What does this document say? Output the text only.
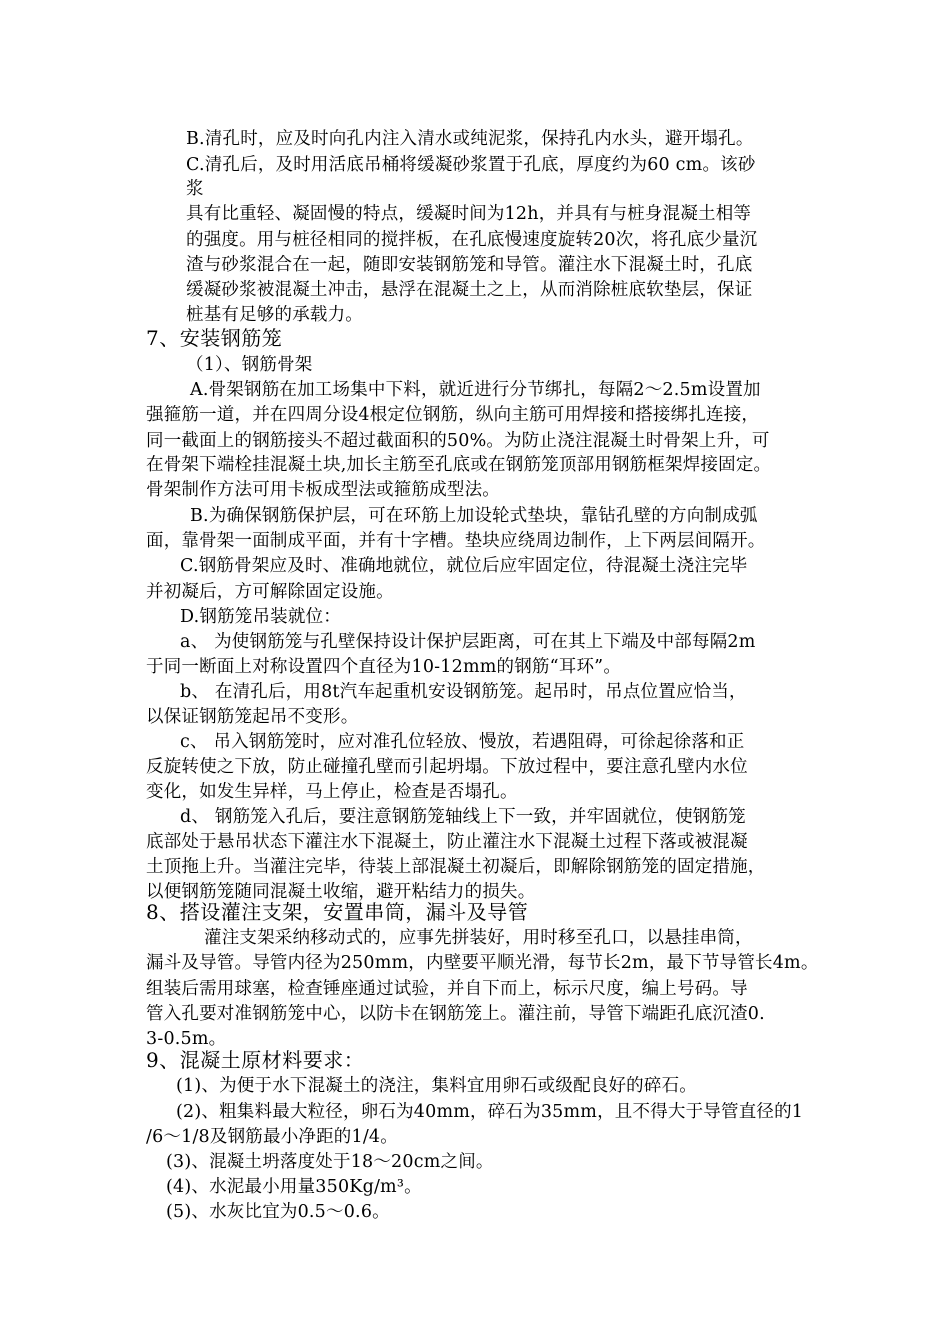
B.清孔时，应及时向孔内注入清水或纯泥浆，保持孔内水头，避开塌孔。
C.清孔后，及时用活底吊桶将缓凝砂浆置于孔底，厚度约为60 cm。该砂
浆
具有比重轻、凝固慢的特点，缓凝时间为12h，并具有与桩身混凝土相等
的强度。用与桩径相同的搅拌板，在孔底慢速度旋转20次，将孔底少量沉
渣与砂浆混合在一起，随即安装钢筋笼和导管。灌注水下混凝土时，孔底
缓凝砂浆被混凝土冲击，悬浮在混凝土之上，从而消除桩底软垫层，保证
桩基有足够的承载力。
7、安装钢筋笼
（1）、钢筋骨架
A.骨架钢筋在加工场集中下料，就近进行分节绑扎，每隔2～2.5m设置加
强箍筋一道，并在四周分设4根定位钢筋，纵向主筋可用焊接和搭接绑扎连接，
同一截面上的钢筋接头不超过截面积的50%。为防止浇注混凝土时骨架上升，可
在骨架下端栓挂混凝土块,加长主筋至孔底或在钢筋笼顶部用钢筋框架焊接固定。
骨架制作方法可用卡板成型法或箍筋成型法。
B.为确保钢筋保护层，可在环筋上加设轮式垫块，靠钻孔壁的方向制成弧
面，靠骨架一面制成平面，并有十字槽。垫块应绕周边制作，上下两层间隔开。
C.钢筋骨架应及时、准确地就位，就位后应牢固定位，待混凝土浇注完毕
并初凝后，方可解除固定设施。
D.钢筋笼吊装就位：
a、 为使钢筋笼与孔壁保持设计保护层距离，可在其上下端及中部每隔2m
于同一断面上对称设置四个直径为10-12mm的钢筋“耳环”。
b、 在清孔后，用8t汽车起重机安设钢筋笼。起吊时，吊点位置应恰当，
以保证钢筋笼起吊不变形。
c、 吊入钢筋笼时，应对准孔位轻放、慢放，若遇阻碍，可徐起徐落和正
反旋转使之下放，防止碰撞孔壁而引起坍塌。下放过程中，要注意孔壁内水位
变化，如发生异样，马上停止，检查是否塌孔。
d、 钢筋笼入孔后，要注意钢筋笼轴线上下一致，并牢固就位，使钢筋笼
底部处于悬吊状态下灌注水下混凝土，防止灌注水下混凝土过程下落或被混凝
土顶拖上升。当灌注完毕，待装上部混凝土初凝后，即解除钢筋笼的固定措施，
以便钢筋笼随同混凝土收缩，避开粘结力的损失。
8、搭设灌注支架，安置串筒，漏斗及导管
灌注支架采纳移动式的，应事先拼装好，用时移至孔口，以悬挂串筒，
漏斗及导管。导管内径为250mm，内壁要平顺光滑，每节长2m，最下节导管长4m。
组装后需用球塞，检查锤座通过试验，并自下而上，标示尺度，编上号码。导
管入孔要对准钢筋笼中心，以防卡在钢筋笼上。灌注前，导管下端距孔底沉渣0.
3-0.5m。
9、混凝土原材料要求：
(1)、为便于水下混凝土的浇注，集料宜用卵石或级配良好的碎石。
(2)、粗集料最大粒径，卵石为40mm，碎石为35mm，且不得大于导管直径的1
/6～1/8及钢筋最小净距的1/4。
(3)、混凝土坍落度处于18～20cm之间。
(4)、水泥最小用量350Kg/m³。
(5)、水灰比宜为0.5～0.6。
